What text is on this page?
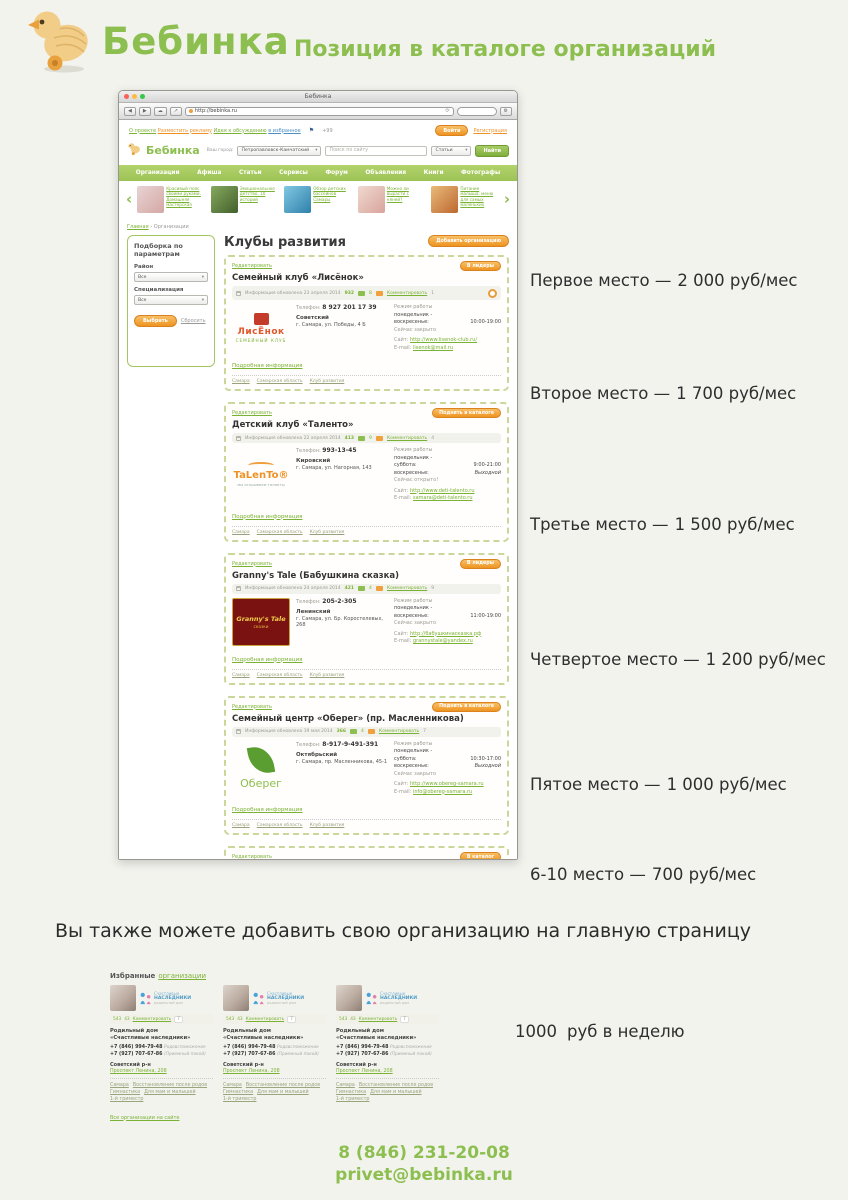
Бебинка Позиция в каталоге организаций
Бебинка
◀	▶	☁	↗	http://bebinka.ru	⟳	⚙
О проекте Разместить рекламу Идея к обсуждению в избранное ⚑	+99	Войти	Регистрация
Бебинка Ваш город: Петропавловск-Камчатский
▾	Поиск по сайту	Статьи
▾	Найти
Организации	Афиша	Статьи	Сервисы	Форум	Объявления	Книги	Фотографы
‹
Красивый пояс своими руками. Домашняя мастерская
Эмоциональное детство. 10 историй
Обзор детских бассейнов Самары
Можно ли вырасти с няней?
Питание малыша: меню для самых маленьких	›
Главная › Организации
Подборка по параметрам
Район
Все
▾
Специализация
Все
▾
Выбрать	Сбросить
Клубы развития	Добавить организацию
Редактировать	В лидеры
Семейный клуб «Лисёнок»
Информация обновлена 23 апреля 2014 932	8	Комментировать 1
ЛисЁнок
СЕМЕЙНЫЙ КЛУБ
Телефон: 8 927 201 17 39
Советский
г. Самара, ул. Победы, 4 Б
Режим работы
понедельник -
воскресенье:	10:00-19:00
Сейчас закрыто
Сайт: http://www.lisenok-club.ru/
E-mail: lisenok@mail.ru
Подробная информация
Самара Самарская область Клуб развития
Редактировать	Поднять в каталоге
Детский клуб «Таленто»
Информация обновлена 22 апреля 2014 413	9	Комментировать 4
TaLenTo®
мы открываем таланты
Телефон: 993-13-45
Кировский
г. Самара, ул. Нагорная, 143
Режим работы
понедельник -
суббота:	9:00-21:00
воскресенье:	Выходной
Сейчас открыто!
Сайт: http://www.deti-talento.ru
E-mail: samara@deti-talento.ru
Подробная информация
Самара Самарская область Клуб развития
Редактировать	В лидеры
Granny's Tale (Бабушкина сказка)
Информация обновлена 24 апреля 2014 421	4	Комментировать 9
Granny's Tale
сказки
Телефон: 205-2-305
Ленинский
г. Самара, ул. Бр. Коростелевых, 268
Режим работы
понедельник -
воскресенье:	11:00-19:00
Сейчас закрыто
Сайт: http://бабушкинасказка.рф
E-mail: grannystale@yandex.ru
Подробная информация
Самара Самарская область Клуб развития
Редактировать	Поднять в каталоге
Семейный центр «Оберег» (пр. Масленникова)
Информация обновлена 19 мая 2014 366	4	Комментировать 7
Оберег
Телефон: 8-917-9-491-391
Октябрьский
г. Самара, пр. Масленникова, 45-1
Режим работы
понедельник -
суббота:	10:30-17:00
воскресенье:	Выходной
Сейчас закрыто
Сайт: http://www.obereg-samara.ru
E-mail: info@obereg-samara.ru
Подробная информация
Самара Самарская область Клуб развития
Редактировать	В каталог
Первое место — 2 000 руб/мес
Второе место — 1 700 руб/мес
Третье место — 1 500 руб/мес
Четвертое место — 1 200 руб/мес
Пятое место — 1 000 руб/мес
6-10 место — 700 руб/мес
Вы также можете добавить свою организацию на главную страницу
Избранные организации
Счастливые
НАСЛЕДНИКИ
родильный дом
543 43 Комментировать	7
Родильный дом
«Счастливые наследники»
+7 (846) 994-79-48 Родовспоможение
+7 (927) 707-67-86 (Приемный покой)
Советский р-н
Проспект Ленина, 208
Самара Восстановление после родов
Гимнастика Для мам и малышей
1-й триместр
Счастливые
НАСЛЕДНИКИ
родильный дом
543 43 Комментировать	7
Родильный дом
«Счастливые наследники»
+7 (846) 994-79-48 Родовспоможение
+7 (927) 707-67-86 (Приемный покой)
Советский р-н
Проспект Ленина, 208
Самара Восстановление после родов
Гимнастика Для мам и малышей
1-й триместр
Счастливые
НАСЛЕДНИКИ
родильный дом
543 43 Комментировать	7
Родильный дом
«Счастливые наследники»
+7 (846) 994-79-48 Родовспоможение
+7 (927) 707-67-86 (Приемный покой)
Советский р-н
Проспект Ленина, 208
Самара Восстановление после родов
Гимнастика Для мам и малышей
1-й триместр
Все организации на сайте
1000 руб в неделю
8 (846) 231-20-08
privet@bebinka.ru
